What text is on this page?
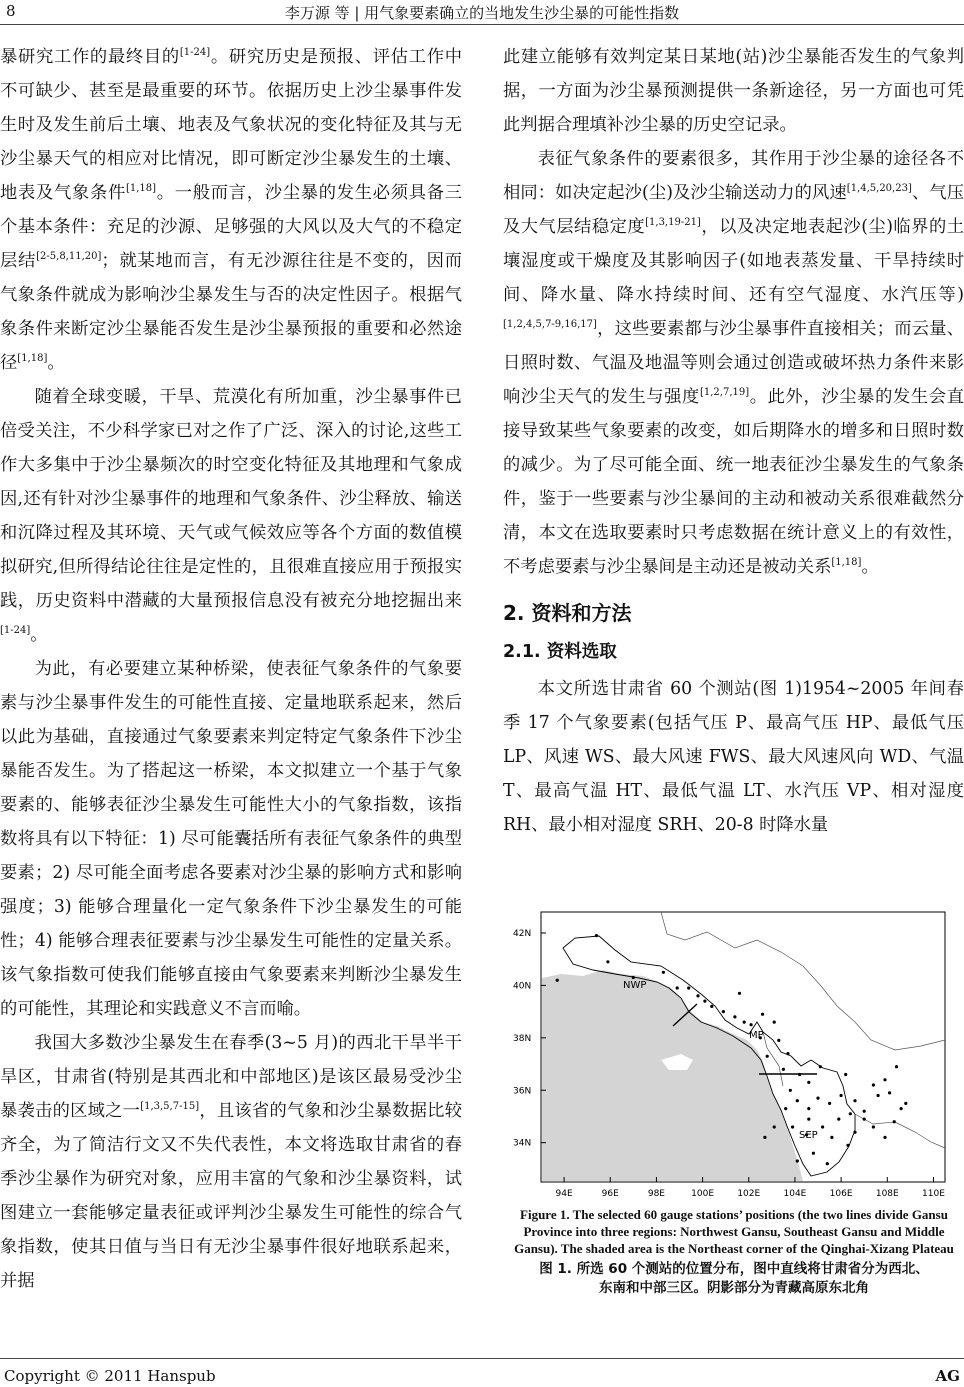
8	李万源 等 | 用气象要素确立的当地发生沙尘暴的可能性指数

暴研究工作的最终目的[1-24]。研究历史是预报、评估工作中不可缺少、甚至是最重要的环节。依据历史上沙尘暴事件发生时及发生前后土壤、地表及气象状况的变化特征及其与无沙尘暴天气的相应对比情况，即可断定沙尘暴发生的土壤、地表及气象条件[1,18]。一般而言，沙尘暴的发生必须具备三个基本条件：充足的沙源、足够强的大风以及大气的不稳定层结[2-5,8,11,20]；就某地而言，有无沙源往往是不变的，因而气象条件就成为影响沙尘暴发生与否的决定性因子。根据气象条件来断定沙尘暴能否发生是沙尘暴预报的重要和必然途径[1,18]。

随着全球变暖，干旱、荒漠化有所加重，沙尘暴事件已倍受关注，不少科学家已对之作了广泛、深入的讨论,这些工作大多集中于沙尘暴频次的时空变化特征及其地理和气象成因,还有针对沙尘暴事件的地理和气象条件、沙尘释放、输送和沉降过程及其环境、天气或气候效应等各个方面的数值模拟研究,但所得结论往往是定性的，且很难直接应用于预报实践，历史资料中潜藏的大量预报信息没有被充分地挖掘出来[1-24]。

为此，有必要建立某种桥梁，使表征气象条件的气象要素与沙尘暴事件发生的可能性直接、定量地联系起来，然后以此为基础，直接通过气象要素来判定特定气象条件下沙尘暴能否发生。为了搭起这一桥梁，本文拟建立一个基于气象要素的、能够表征沙尘暴发生可能性大小的气象指数，该指数将具有以下特征：1) 尽可能囊括所有表征气象条件的典型要素；2) 尽可能全面考虑各要素对沙尘暴的影响方式和影响强度；3) 能够合理量化一定气象条件下沙尘暴发生的可能性；4) 能够合理表征要素与沙尘暴发生可能性的定量关系。该气象指数可使我们能够直接由气象要素来判断沙尘暴发生的可能性，其理论和实践意义不言而喻。

我国大多数沙尘暴发生在春季(3~5 月)的西北干旱半干旱区，甘肃省(特别是其西北和中部地区)是该区最易受沙尘暴袭击的区域之一[1,3,5,7-15]，且该省的气象和沙尘暴数据比较齐全，为了简洁行文又不失代表性，本文将选取甘肃省的春季沙尘暴作为研究对象，应用丰富的气象和沙尘暴资料，试图建立一套能够定量表征或评判沙尘暴发生可能性的综合气象指数，使其日值与当日有无沙尘暴事件很好地联系起来，并据

此建立能够有效判定某日某地(站)沙尘暴能否发生的气象判据，一方面为沙尘暴预测提供一条新途径，另一方面也可凭此判据合理填补沙尘暴的历史空记录。

表征气象条件的要素很多，其作用于沙尘暴的途径各不相同：如决定起沙(尘)及沙尘输送动力的风速[1,4,5,20,23]、气压及大气层结稳定度[1,3,19-21]，以及决定地表起沙(尘)临界的土壤湿度或干燥度及其影响因子(如地表蒸发量、干旱持续时间、降水量、降水持续时间、还有空气湿度、水汽压等)[1,2,4,5,7-9,16,17]，这些要素都与沙尘暴事件直接相关；而云量、日照时数、气温及地温等则会通过创造或破坏热力条件来影响沙尘天气的发生与强度[1,2,7,19]。此外，沙尘暴的发生会直接导致某些气象要素的改变，如后期降水的增多和日照时数的减少。为了尽可能全面、统一地表征沙尘暴发生的气象条件，鉴于一些要素与沙尘暴间的主动和被动关系很难截然分清，本文在选取要素时只考虑数据在统计意义上的有效性，不考虑要素与沙尘暴间是主动还是被动关系[1,18]。

2. 资料和方法
2.1. 资料选取

本文所选甘肃省 60 个测站(图 1)1954~2005 年间春季 17 个气象要素(包括气压 P、最高气压 HP、最低气压 LP、风速 WS、最大风速 FWS、最大风速风向 WD、气温 T、最高气温 HT、最低气温 LT、水汽压 VP、相对湿度 RH、最小相对湿度 SRH、20-8 时降水量

42N
40N
38N
36N
34N
94E	96E	98E	100E	102E	104E	106E	108E	110E
NWP
MP
SEP
Figure 1. The selected 60 gauge stations’ positions (the two lines divide Gansu Province into three regions: Northwest Gansu, Southeast Gansu and Middle Gansu). The shaded area is the Northeast corner of the Qinghai-Xizang Plateau
图 1. 所选 60 个测站的位置分布，图中直线将甘肃省分为西北、
东南和中部三区。阴影部分为青藏高原东北角
Copyright © 2011 Hanspub	AG
